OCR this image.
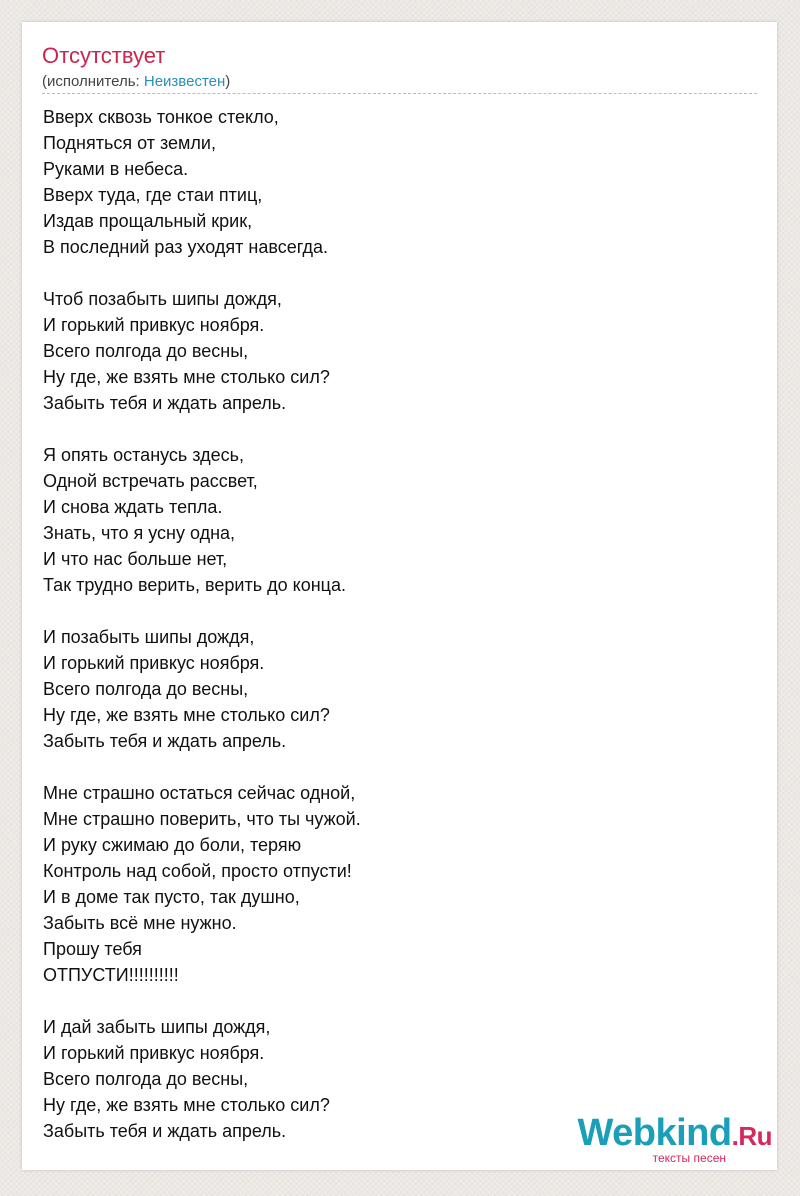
Отсутствует
(исполнитель: Неизвестен)
Вверх сквозь тонкое стекло,
Подняться от земли,
Руками в небеса.
Вверх туда, где стаи птиц,
Издав прощальный крик,
В последний раз уходят навсегда.

Чтоб позабыть шипы дождя,
И горький привкус ноября.
Всего полгода до весны,
Ну где, же взять мне столько сил?
Забыть тебя и ждать апрель.

Я опять останусь здесь,
Одной встречать рассвет,
И снова ждать тепла.
Знать, что я усну одна,
И что нас больше нет,
Так трудно верить, верить до конца.

И позабыть шипы дождя,
И горький привкус ноября.
Всего полгода до весны,
Ну где, же взять мне столько сил?
Забыть тебя и ждать апрель.

Мне страшно остаться сейчас одной,
Мне страшно поверить, что ты чужой.
И руку сжимаю до боли, теряю
Контроль над собой, просто отпусти!
И в доме так пусто, так душно,
Забыть всё мне нужно.
Прошу тебя
ОТПУСТИ!!!!!!!!!!

И дай забыть шипы дождя,
И горький привкус ноября.
Всего полгода до весны,
Ну где, же взять мне столько сил?
Забыть тебя и ждать апрель.	Webkind.Ru
тексты песен
